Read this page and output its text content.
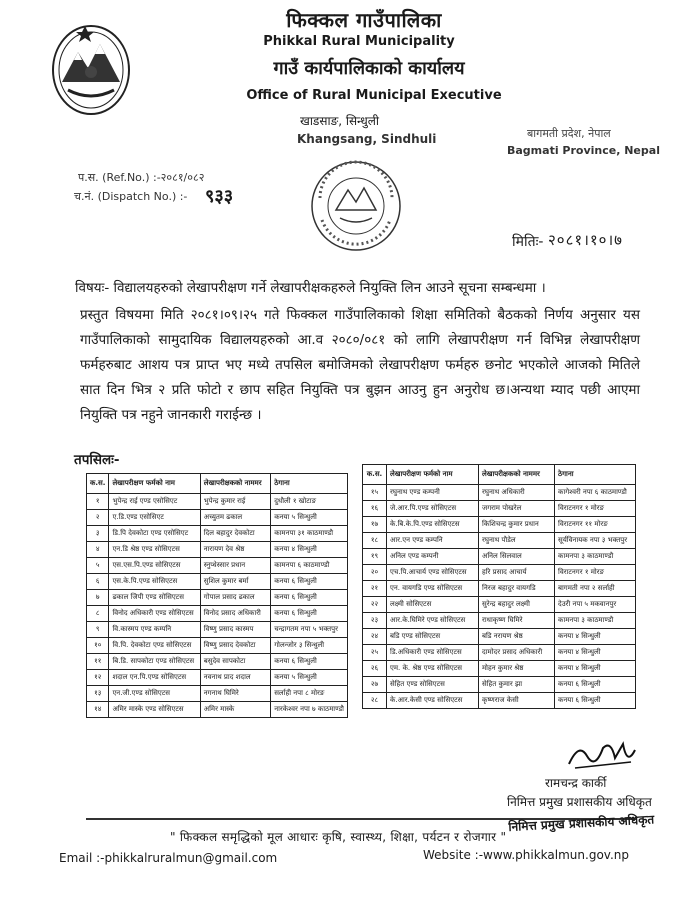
फिक्कल गाउँपालिका
Phikkal Rural Municipality
गाउँ कार्यपालिकाको कार्यालय
Office of Rural Municipal Executive
खाडसाङ, सिन्धुली
Khangsang, Sindhuli	बागमती प्रदेश, नेपाल
Bagmati Province, Nepal
प.स. (Ref.No.) :-२०८१/०८२
च.नं. (Dispatch No.) :- ९३३
मितिः- २०८१।१०।७
विषयः- विद्यालयहरुको लेखापरीक्षण गर्ने लेखापरीक्षकहरुले नियुक्ति लिन आउने सूचना सम्बन्धमा ।
प्रस्तुत विषयमा मिति २०८१।०९।२५ गते फिक्कल गाउँपालिकाको शिक्षा समितिको बैठकको निर्णय अनुसार यस गाउँपालिकाको सामुदायिक विद्यालयहरुको आ.व २०८०/०८१ को लागि लेखापरीक्षण गर्न विभिन्न लेखापरीक्षण फर्महरुबाट आशय पत्र प्राप्त भए मध्ये तपसिल बमोजिमको लेखापरीक्षण फर्महरु छनोट भएकोले आजको मितिले सात दिन भित्र २ प्रति फोटो र छाप सहित नियुक्ति पत्र बुझन आउनु हुन अनुरोध छ।अन्यथा म्याद पछी आएमा नियुक्ति पत्र नहुने जानकारी गराईन्छ ।
तपसिलः-
क.स.	लेखापरीक्षण फर्मको नाम	लेखापरीक्षकको नाममर	ठेगाना
१	भुपेन्द्र राई एण्ड एसोसिएट	भुपेन्द्र कुमार राई	दुधौली १ खोटाङ
२	ए.डि.एण्ड एसोसिएट	अच्युतम ढकाल	कनया ५ सिन्धुली
३	डि.पि देवकोटा एण्ड एसोसिएट	दिल बहादुर देवकोटा	कामनपा ३१ काठमाण्डौ
४	एन.डि श्रेष्ठ एण्ड सोसिएटस	नारायण देव श्रेष्ठ	कनया ४ सिन्धुली
५	एस.एस.पि.एण्ड सोसिएटस	स्नुप्धेस्सार प्रधान	कामनपा ६ काठमाण्डौ
६	एस.के.पि.एण्ड सोसिएटस	सुशिल कुमार बर्मा	कनया ६ सिन्धुली
७	ढकाल जिपी एण्ड सोसिएटस	गोपाल प्रसाद ढकाल	कनया ६ सिन्धुली
८	विनोद अधिकारी एण्ड सोसिएटस	विनोद प्रसाद अधिकारी	कनया ६ सिन्धुली
९	वि.कास्मप एण्ड कम्पनि	विष्णु प्रसाद कास्मप	चन्द्रागतम नपा ५ भक्तपुर
१०	वि.पि. देवकोटा एण्ड सोसिएटस	विष्णु प्रसाद देवकोटा	गोलन्जोर ३ सिन्धुली
११	बि.डि. सापकोटा एण्ड सोसिएटस	बसुदेव सापकोटा	कनया ६ सिन्धुली
१२	शदाल एन.पि.एण्ड सोसिएटस	नवनाथ प्राद शदाल	कनया ५ सिन्धुली
१३	एन.जी.एण्ड सोसिएटस	नगनाथ घिमिरे	सर्लाही नपा ८ मोरङ
१४	अमिर मास्के एण्ड सोसिएटस	अमिर मास्के	नारकेश्वर नपा ७ काठमाण्डौ
क.स.	लेखापरीक्षण फर्मको नाम	लेखापरीक्षकको नाममर	ठेगाना
१५	रघुनाथ एण्ड कम्पनी	रघुनाथ अधिकारी	कागेश्वरी नपा ६ काठमाण्डौ
१६	जे.आर.पि.एण्ड सोसिएटस	जगराम पोखरेल	विराटनगर १ मोरङ
१७	के.बि.के.पि.एण्ड सोसिएटस	किशिचन्द्र कुमार प्रधान	विराटनगर ११ मोरङ
१८	आर.एन एण्ड कम्पनि	रघुनाथ पौडेल	सूर्यविनायक नपा ३ भक्तपुर
१९	अनिल एण्ड कम्पनी	अनिल सिलवाल	कामनपा ३ काठमाण्डौ
२०	एच.पि.आचार्य एण्ड सोसिएटस	हरि प्रसाद आचार्य	विराटनगर १ मोरङ
२१	एन. वायगडि एण्ड सोसिएटस	निरज बहादुर वायगडि	बागमती नपा २ सर्लाही
२२	लक्ष्मी सोसिएटस	सुरेन्द्र बहादुर लक्ष्मी	देउरी नपा ५ मकवानपुर
२३	आर.के.घिमिरे एण्ड सोसिएटस	राधाकृष्ण घिमिरे	कामनपा ३ काठमाण्डौ
२४	बडि एण्ड सोसिएटस	बडि नरायण श्रेष्ठ	कनया ४ सिन्धुली
२५	डि.अधिकारी एण्ड सोसिएटस	दामोदर प्रसाद अधिकारी	कनया ४ सिन्धुली
२६	एम. के. श्रेष्ठ एण्ड सोसिएटस	मोहन कुमार श्रेष्ठ	कनया ४ सिन्धुली
२७	सेहित एण्ड सोसिएटस	सेहित कुमार झा	कनया ६ सिन्धुली
२८	के.आर.केसी एण्ड सोसिएटस	कृष्णराज केसी	कनया ६ सिन्धुली
रामचन्द्र कार्की
निमित्त प्रमुख प्रशासकीय अधिकृत
" फिक्कल समृद्धिको मूल आधारः कृषि, स्वास्थ्य, शिक्षा, पर्यटन र रोजगार "
निमित्त प्रमुख प्रशासकीय अधिकृत
Email :-phikkalruralmun@gmail.com	Website :-www.phikkalmun.gov.np
